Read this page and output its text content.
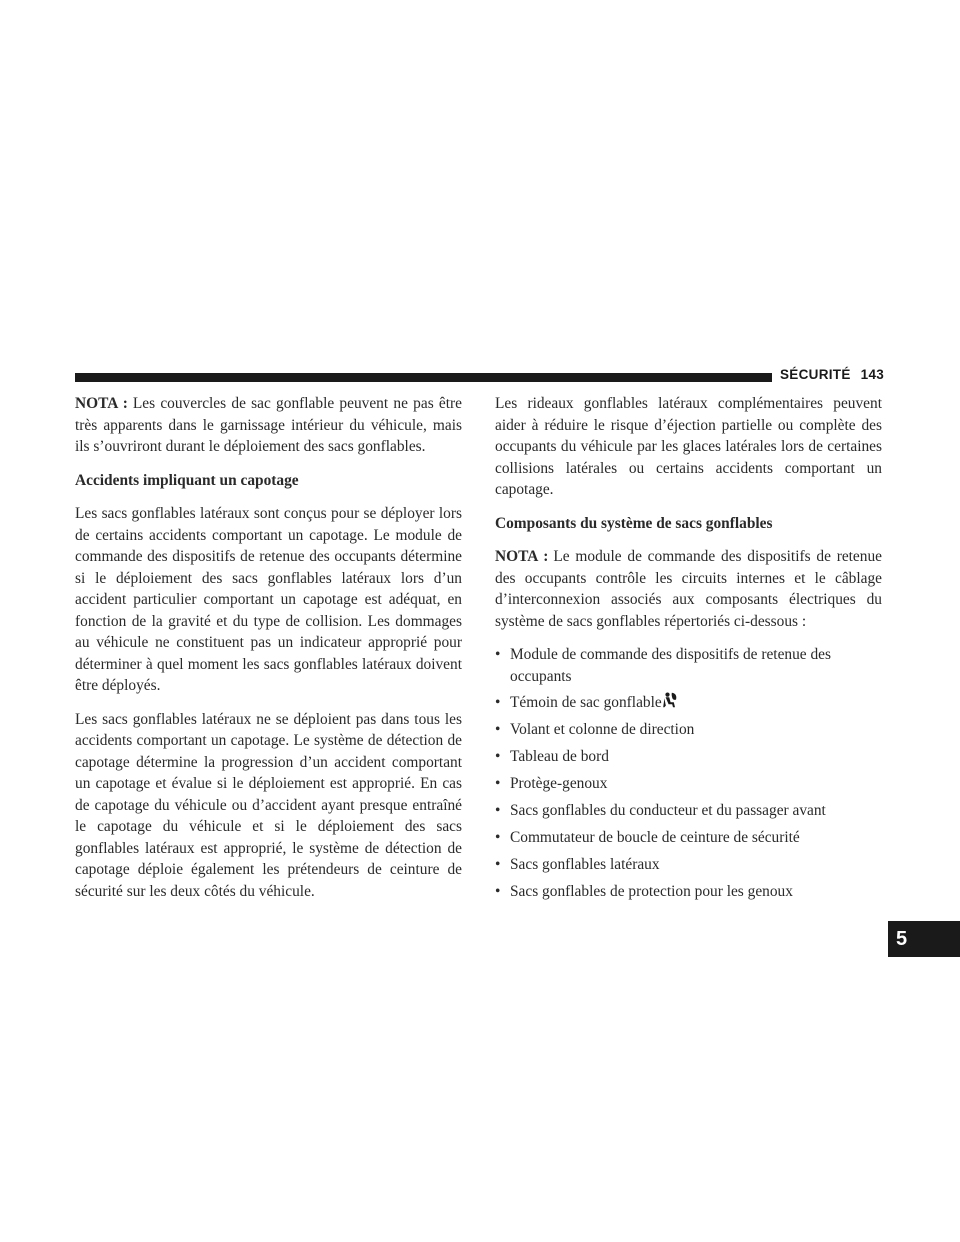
SÉCURITÉ 143
5

NOTA : Les couvercles de sac gonflable peuvent ne pas être très apparents dans le garnissage intérieur du véhicule, mais ils s’ouvriront durant le déploiement des sacs gonflables.

Accidents impliquant un capotage

Les sacs gonflables latéraux sont conçus pour se déployer lors de certains accidents comportant un capotage. Le module de commande des dispositifs de retenue des occupants détermine si le déploiement des sacs gonflables latéraux lors d’un accident particulier comportant un capotage est adéquat, en fonction de la gravité et du type de collision. Les dommages au véhicule ne constituent pas un indicateur approprié pour déterminer à quel moment les sacs gonflables latéraux doivent être déployés.

Les sacs gonflables latéraux ne se déploient pas dans tous les accidents comportant un capotage. Le système de détection de capotage détermine la progression d’un accident comportant un capotage et évalue si le déploiement est approprié. En cas de capotage du véhicule ou d’accident ayant presque entraîné le capotage du véhicule et si le déploiement des sacs gonflables latéraux est approprié, le système de détection de capotage déploie également les prétendeurs de ceinture de sécurité sur les deux côtés du véhicule.

Les rideaux gonflables latéraux complémentaires peuvent aider à réduire le risque d’éjection partielle ou complète des occupants du véhicule par les glaces latérales lors de certaines collisions latérales ou certains accidents comportant un capotage.

Composants du système de sacs gonflables

NOTA : Le module de commande des dispositifs de retenue des occupants contrôle les circuits internes et le câblage d’interconnexion associés aux composants électriques du système de sacs gonflables répertoriés ci-dessous :

• Module de commande des dispositifs de retenue des occupants
• Témoin de sac gonflable
• Volant et colonne de direction
• Tableau de bord
• Protège-genoux
• Sacs gonflables du conducteur et du passager avant
• Commutateur de boucle de ceinture de sécurité
• Sacs gonflables latéraux
• Sacs gonflables de protection pour les genoux
